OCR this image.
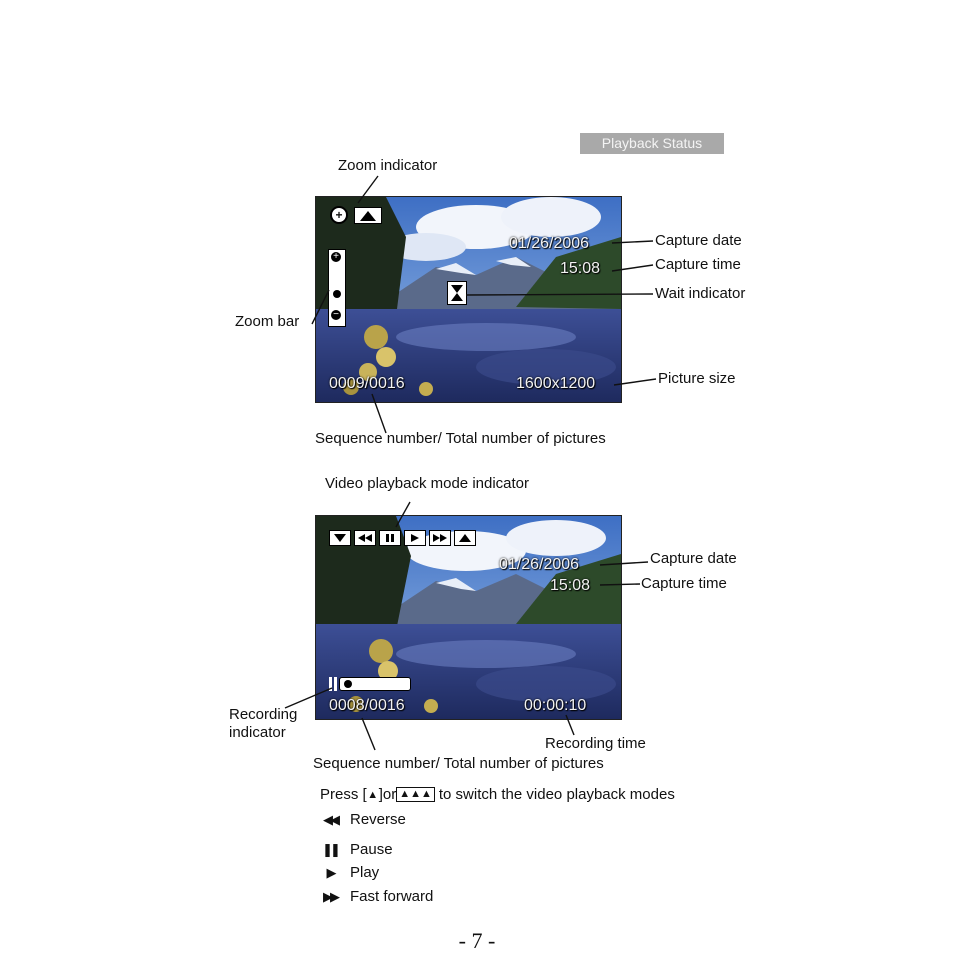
Playback Status
Zoom indicator
+
+
−
01/26/2006
15:08
0009/0016	1600x1200
Capture date
Capture time
Wait indicator
Zoom bar
Picture size
Sequence number/ Total number of pictures
Video playback mode indicator
01/26/2006
15:08
0008/0016	00:00:10
Capture date
Capture time
Recording
indicator
Recording time
Sequence number/ Total number of pictures
Press [ ▲ ]or ▲▲▲ to switch the video playback modes
◀◀ Reverse
❚❚ Pause
▶	Play
▶▶ Fast forward
- 7 -
